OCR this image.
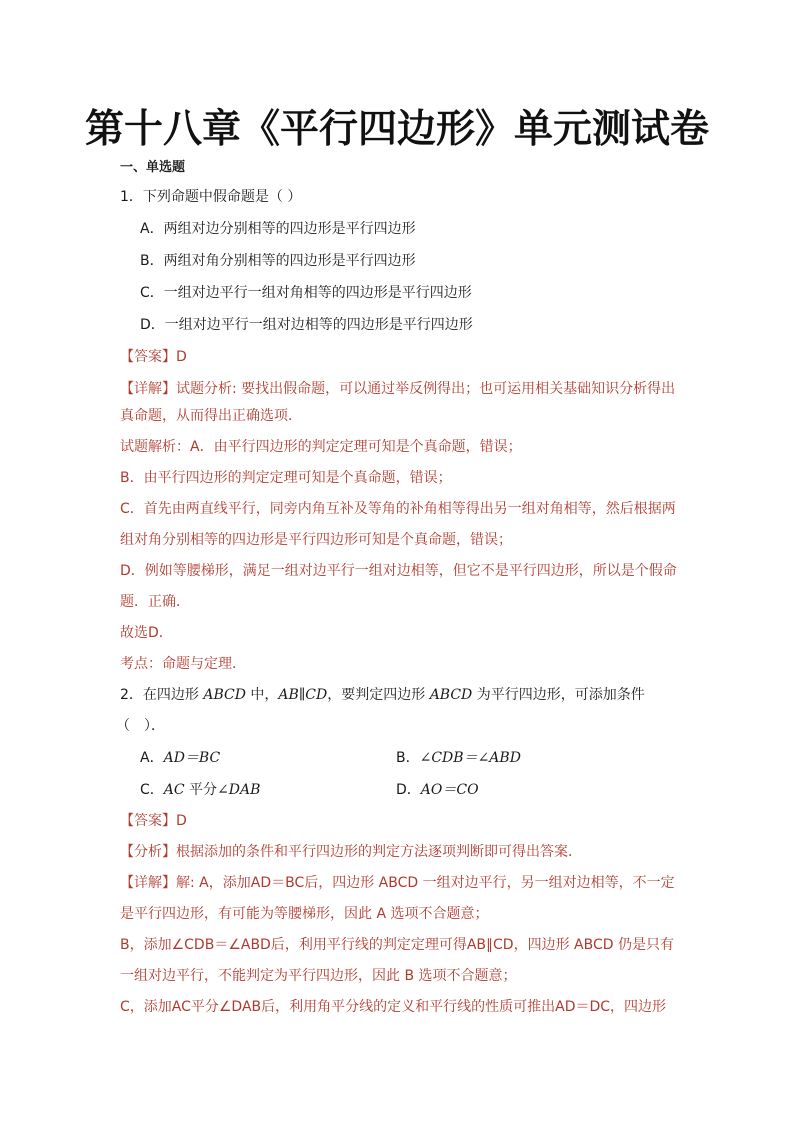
第十八章《平行四边形》单元测试卷
一、单选题
1．下列命题中假命题是（ ）
A．两组对边分别相等的四边形是平行四边形
B．两组对角分别相等的四边形是平行四边形
C．一组对边平行一组对角相等的四边形是平行四边形
D．一组对边平行一组对边相等的四边形是平行四边形
【答案】D
【详解】试题分析: 要找出假命题，可以通过举反例得出；也可运用相关基础知识分析得出
真命题，从而得出正确选项．
试题解析：A．由平行四边形的判定定理可知是个真命题，错误；
B．由平行四边形的判定定理可知是个真命题，错误；
C．首先由两直线平行，同旁内角互补及等角的补角相等得出另一组对角相等，然后根据两
组对角分别相等的四边形是平行四边形可知是个真命题，错误；
D．例如等腰梯形，满足一组对边平行一组对边相等，但它不是平行四边形，所以是个假命
题．正确．
故选D．
考点：命题与定理．
2．在四边形 ABCD 中，AB∥CD，要判定四边形 ABCD 为平行四边形，可添加条件
（　）．
A．AD＝BC	B．∠CDB＝∠ABD
C．AC 平分∠DAB	D．AO＝CO
【答案】D
【分析】根据添加的条件和平行四边形的判定方法逐项判断即可得出答案．
【详解】解: A，添加AD＝BC后，四边形 ABCD 一组对边平行，另一组对边相等，不一定
是平行四边形，有可能为等腰梯形，因此 A 选项不合题意；
B，添加∠CDB＝∠ABD后，利用平行线的判定定理可得AB∥CD，四边形 ABCD 仍是只有
一组对边平行，不能判定为平行四边形，因此 B 选项不合题意；
C，添加AC平分∠DAB后，利用角平分线的定义和平行线的性质可推出AD＝DC，四边形
